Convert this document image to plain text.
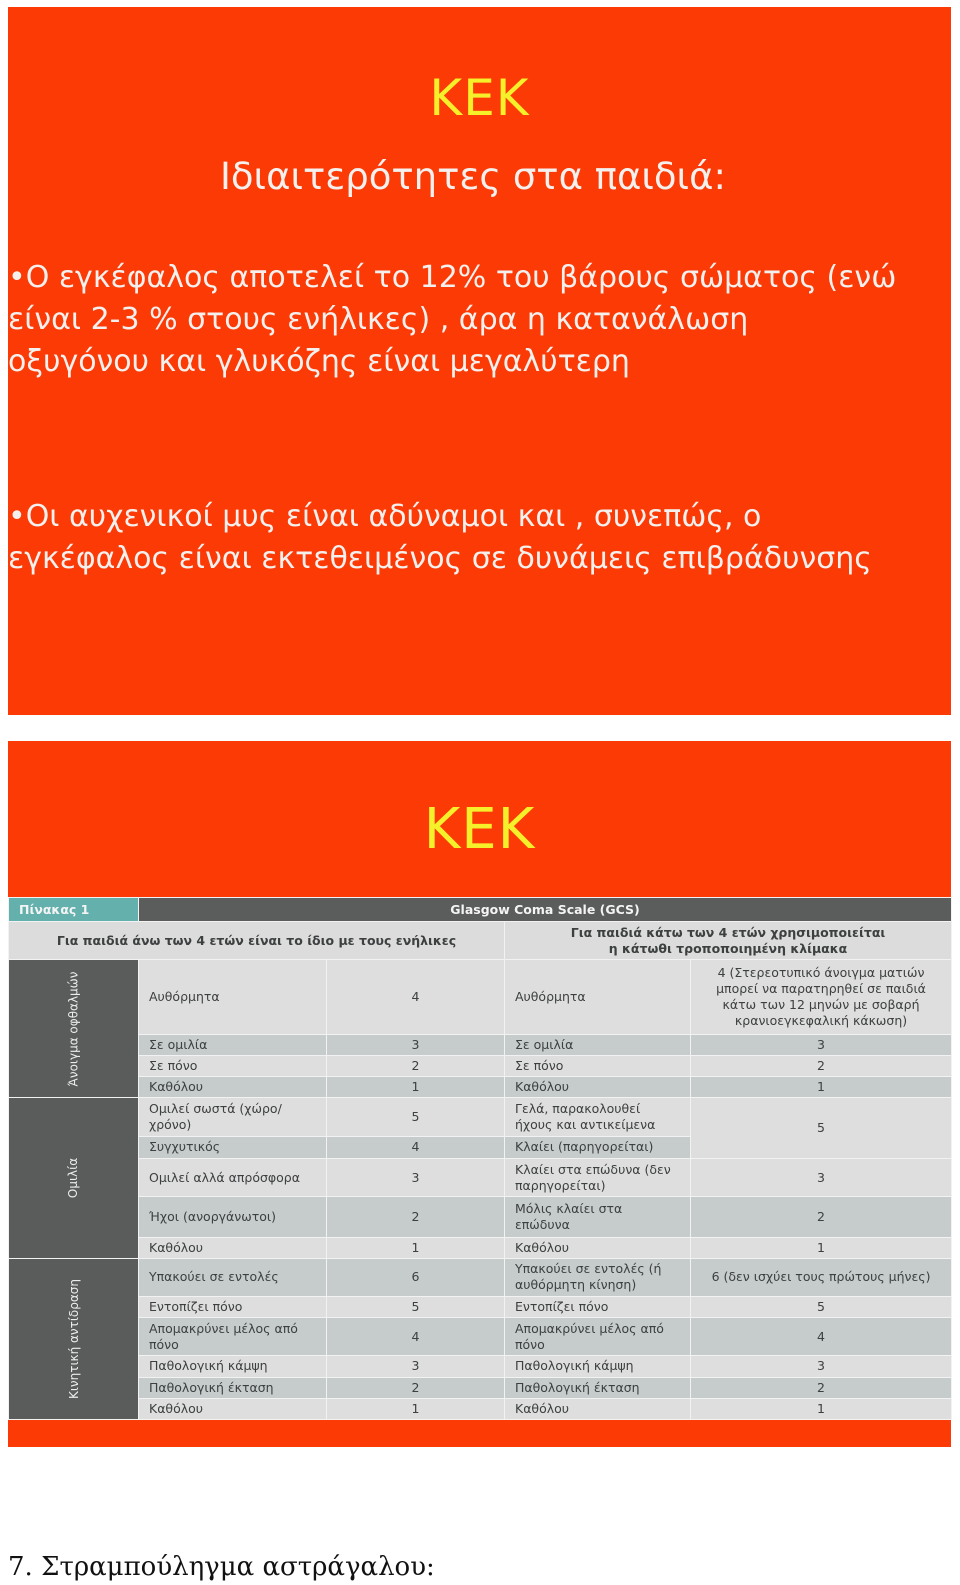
ΚΕΚ
Ιδιαιτερότητες στα παιδιά:
•Ο εγκέφαλος αποτελεί το 12% του βάρους σώματος (ενώ
είναι 2-3 % στους ενήλικες) , άρα η κατανάλωση
οξυγόνου και γλυκόζης είναι μεγαλύτερη
•Οι αυχενικοί μυς είναι αδύναμοι και , συνεπώς, ο
εγκέφαλος είναι εκτεθειμένος σε δυνάμεις επιβράδυνσης
ΚΕΚ
Πίνακας 1	Glasgow Coma Scale (GCS)			
Για παιδιά άνω των 4 ετών είναι το ίδιο με τους ενήλικες			Για παιδιά κάτω των 4 ετών χρησιμοποιείται
η κάτωθι τροποποιημένη κλίμακα	

Άνοιγμα οφθαλμών	Αυθόρμητα	4	Αυθόρμητα	4 (Στερεοτυπικό άνοιγμα ματιών μπορεί να παρατηρηθεί σε παιδιά κάτω των 12 μηνών με σοβαρή κρανιοεγκεφαλική κάκωση)
	Σε ομιλία	3	Σε ομιλία	3
	Σε πόνο	2	Σε πόνο	2
	Καθόλου	1	Καθόλου	1
Ομιλία	Ομιλεί σωστά (χώρο/χρόνο)	5	Γελά, παρακολουθεί ήχους και αντικείμενα	5
	Συγχυτικός	4	Κλαίει (παρηγορείται)	
	Ομιλεί αλλά απρόσφορα	3	Κλαίει στα επώδυνα (δεν παρηγορείται)	3
	Ήχοι (ανοργάνωτοι)	2	Μόλις κλαίει στα επώδυνα	2
	Καθόλου	1	Καθόλου	1
Κινητική αντίδραση	Υπακούει σε εντολές	6	Υπακούει σε εντολές (ή αυθόρμητη κίνηση)	6 (δεν ισχύει τους πρώτους μήνες)
	Εντοπίζει πόνο	5	Εντοπίζει πόνο	5
	Απομακρύνει μέλος από πόνο	4	Απομακρύνει μέλος από πόνο	4
	Παθολογική κάμψη	3	Παθολογική κάμψη	3
	Παθολογική έκταση	2	Παθολογική έκταση	2
	Καθόλου	1	Καθόλου	1
7. Στραμπούληγμα αστράγαλου:
